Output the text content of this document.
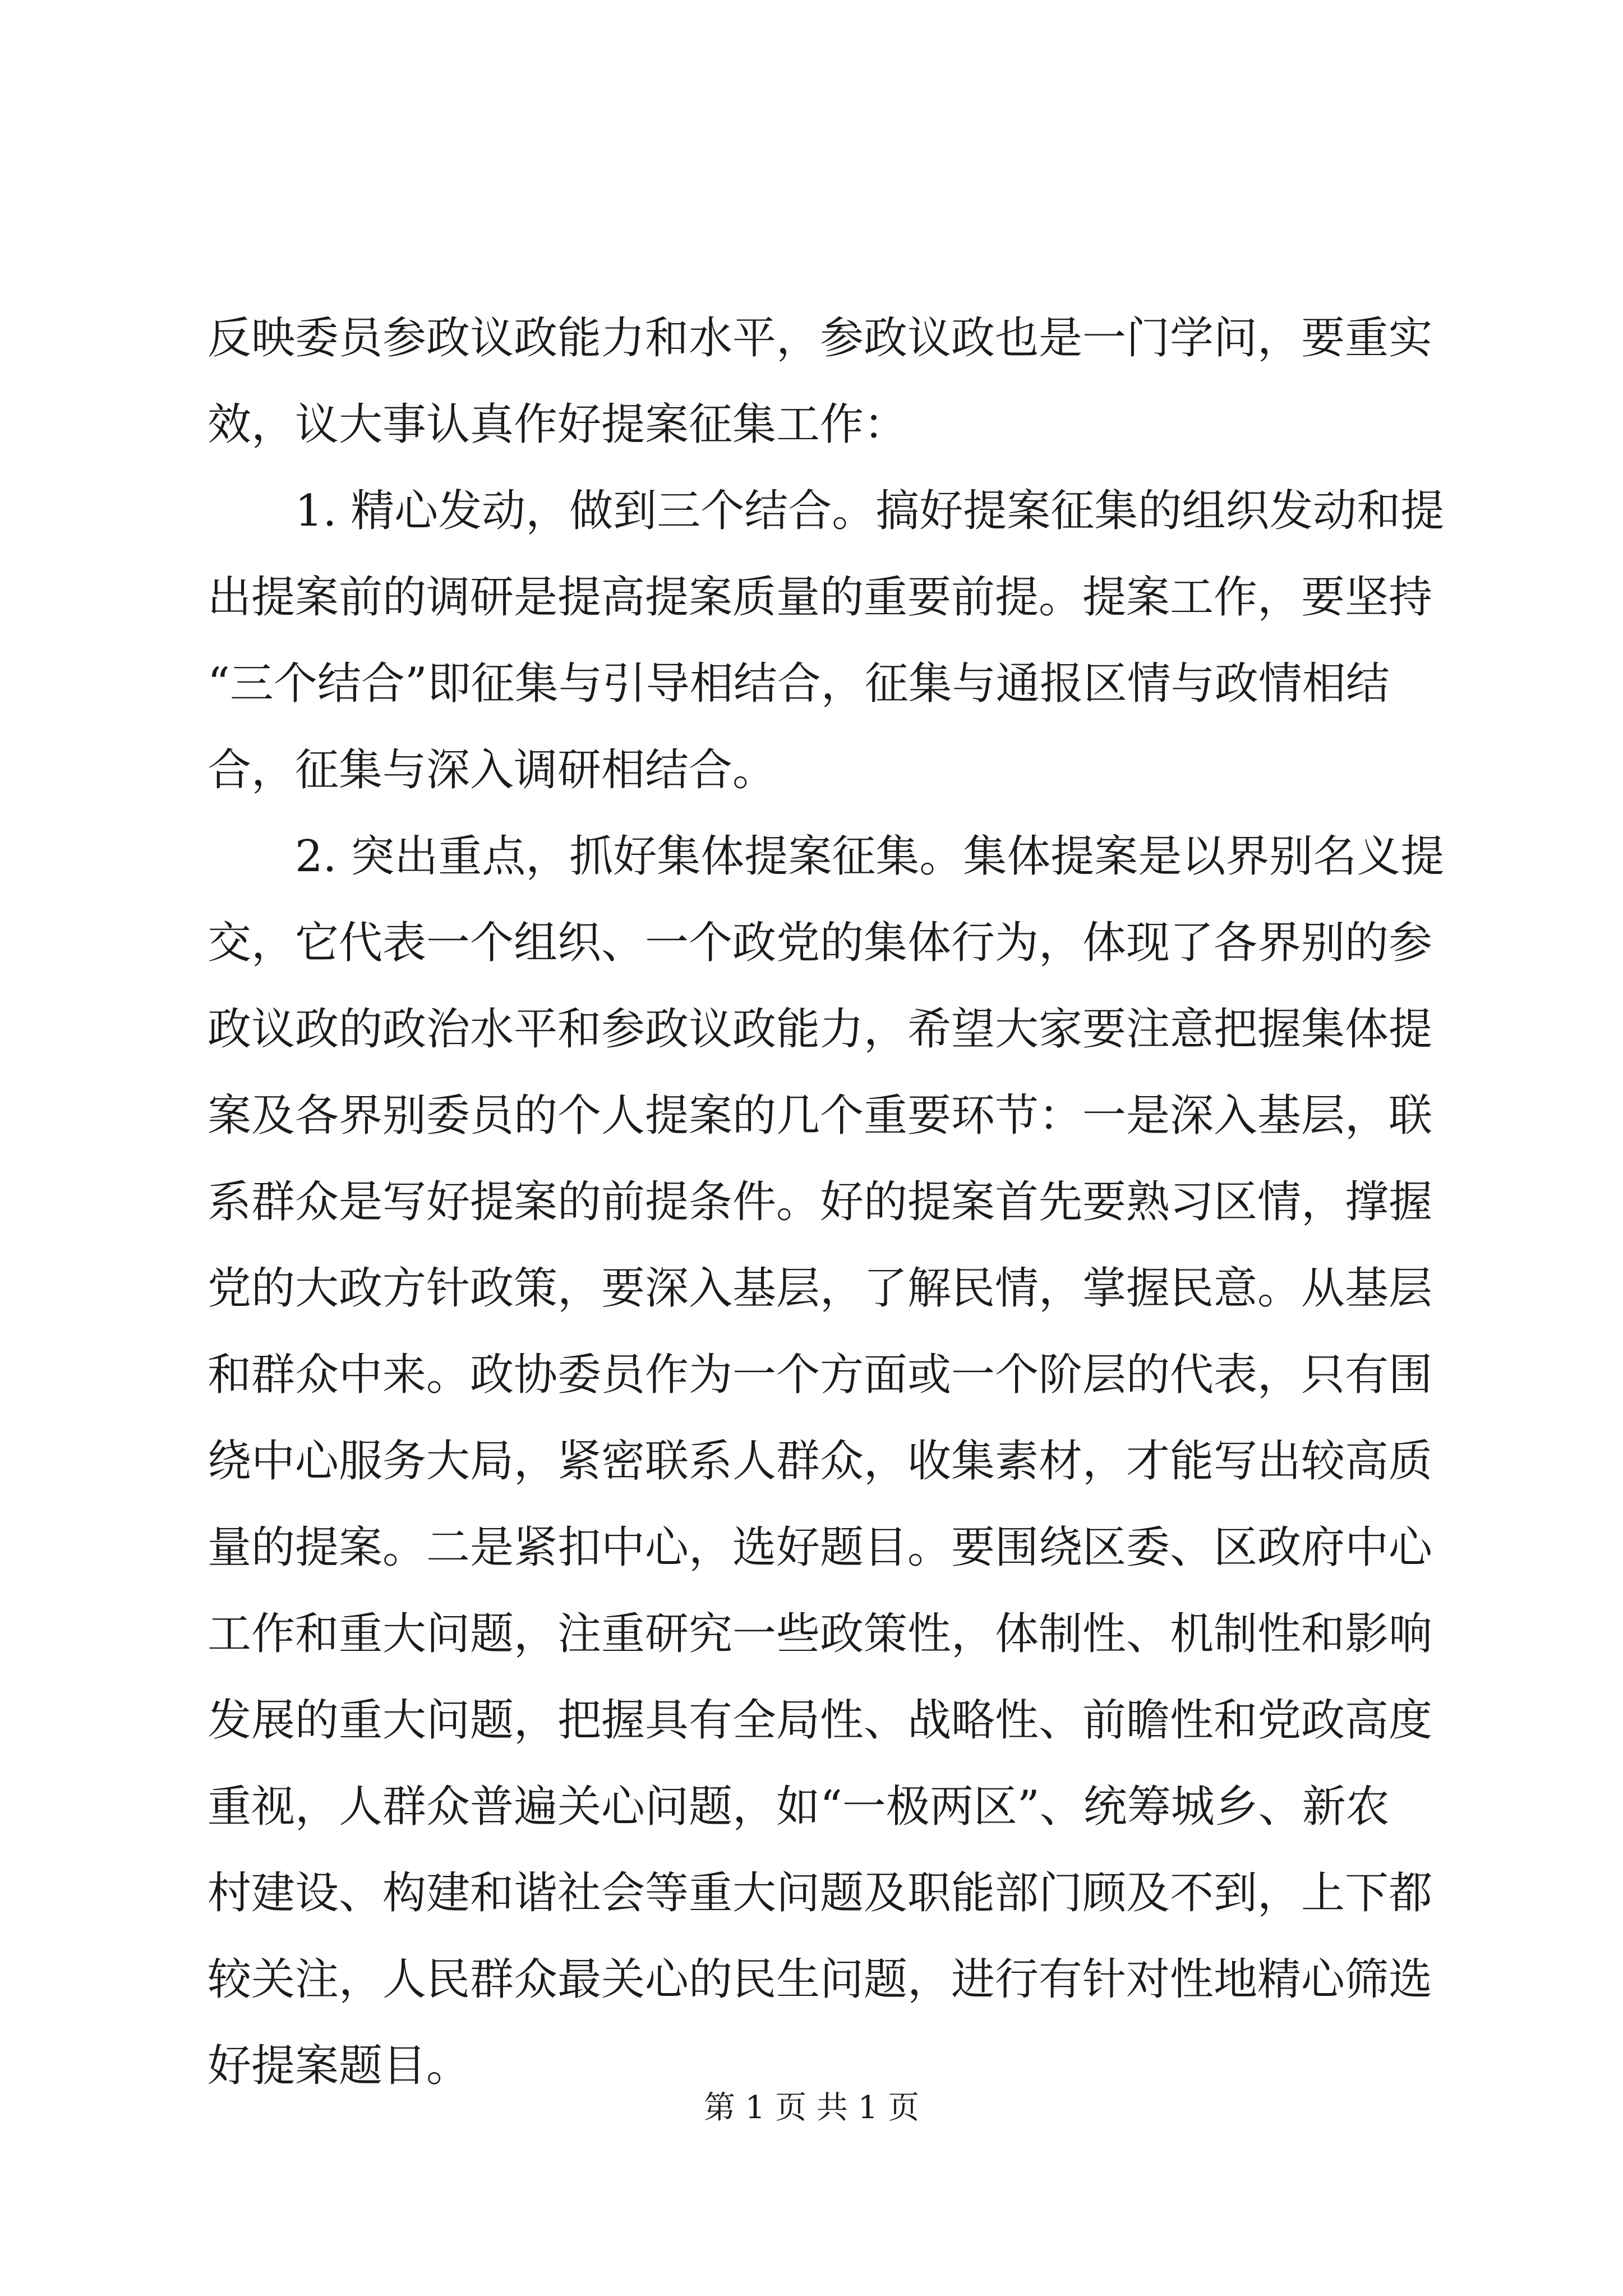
反映委员参政议政能力和水平，参政议政也是一门学问，要重实
效，议大事认真作好提案征集工作：
　　1. 精心发动，做到三个结合。搞好提案征集的组织发动和提
出提案前的调研是提高提案质量的重要前提。提案工作，要坚持
“三个结合”即征集与引导相结合，征集与通报区情与政情相结
合，征集与深入调研相结合。
　　2. 突出重点，抓好集体提案征集。集体提案是以界别名义提
交，它代表一个组织、一个政党的集体行为，体现了各界别的参
政议政的政治水平和参政议政能力，希望大家要注意把握集体提
案及各界别委员的个人提案的几个重要环节：一是深入基层，联
系群众是写好提案的前提条件。好的提案首先要熟习区情，撑握
党的大政方针政策，要深入基层，了解民情，掌握民意。从基层
和群众中来。政协委员作为一个方面或一个阶层的代表，只有围
绕中心服务大局，紧密联系人群众，收集素材，才能写出较高质
量的提案。二是紧扣中心，选好题目。要围绕区委、区政府中心
工作和重大问题，注重研究一些政策性，体制性、机制性和影响
发展的重大问题，把握具有全局性、战略性、前瞻性和党政高度
重视，人群众普遍关心问题，如“一极两区”、统筹城乡、新农
村建设、构建和谐社会等重大问题及职能部门顾及不到，上下都
较关注，人民群众最关心的民生问题，进行有针对性地精心筛选
好提案题目。
第 1 页 共 1 页
